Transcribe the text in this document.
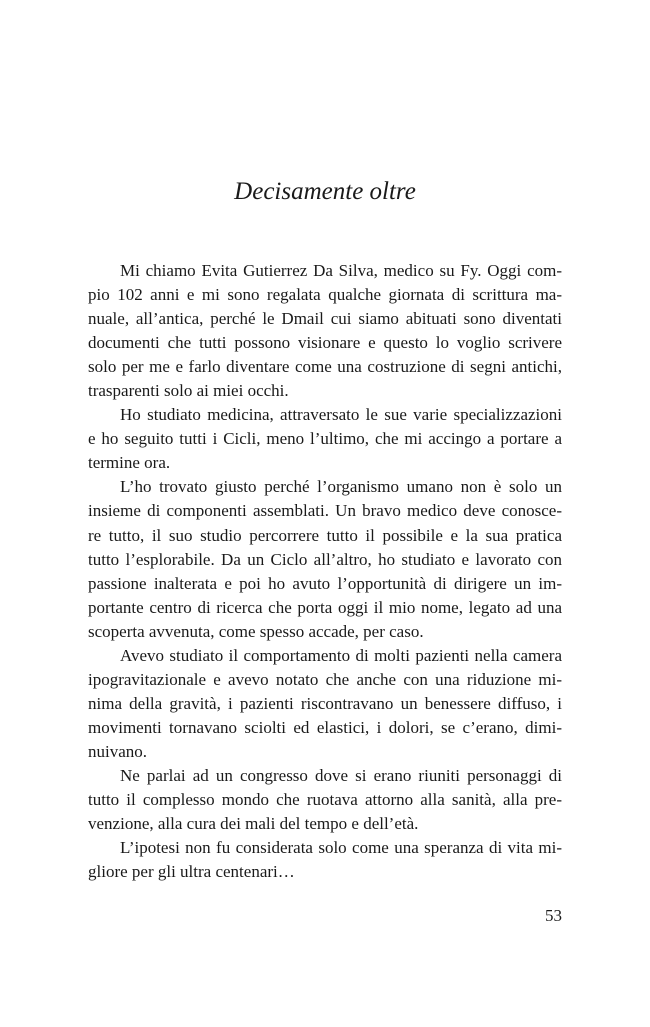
Decisamente oltre
Mi chiamo Evita Gutierrez Da Silva, medico su Fy. Oggi com-
pio 102 anni e mi sono regalata qualche giornata di scrittura ma-
nuale, all’antica, perché le Dmail cui siamo abituati sono diventati
documenti che tutti possono visionare e questo lo voglio scrivere
solo per me e farlo diventare come una costruzione di segni antichi,
trasparenti solo ai miei occhi.
Ho studiato medicina, attraversato le sue varie specializzazioni
e ho seguito tutti i Cicli, meno l’ultimo, che mi accingo a portare a
termine ora.
L’ho trovato giusto perché l’organismo umano non è solo un
insieme di componenti assemblati. Un bravo medico deve conosce-
re tutto, il suo studio percorrere tutto il possibile e la sua pratica
tutto l’esplorabile. Da un Ciclo all’altro, ho studiato e lavorato con
passione inalterata e poi ho avuto l’opportunità di dirigere un im-
portante centro di ricerca che porta oggi il mio nome, legato ad una
scoperta avvenuta, come spesso accade, per caso.
Avevo studiato il comportamento di molti pazienti nella camera
ipogravitazionale e avevo notato che anche con una riduzione mi-
nima della gravità, i pazienti riscontravano un benessere diffuso, i
movimenti tornavano sciolti ed elastici, i dolori, se c’erano, dimi-
nuivano.
Ne parlai ad un congresso dove si erano riuniti personaggi di
tutto il complesso mondo che ruotava attorno alla sanità, alla pre-
venzione, alla cura dei mali del tempo e dell’età.
L’ipotesi non fu considerata solo come una speranza di vita mi-
gliore per gli ultra centenari…
53
